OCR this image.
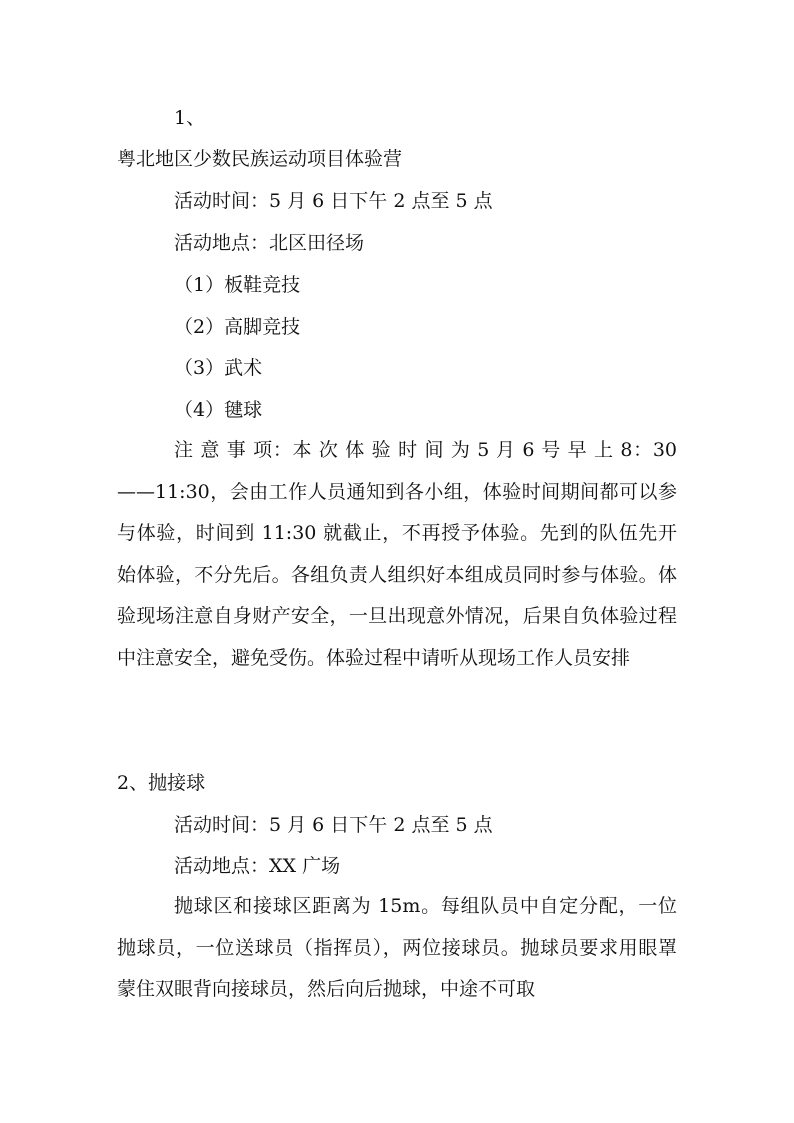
1、
粤北地区少数民族运动项目体验营
活动时间：5 月 6 日下午 2 点至 5 点
活动地点：北区田径场
（1）板鞋竞技
（2）高脚竞技
（3）武术
（4）毽球
注 意 事 项：本 次 体 验 时 间 为 5 月 6 号 早 上 8：30——11:30，会由工作人员通知到各小组，体验时间期间都可以参与体验，时间到 11:30 就截止，不再授予体验。先到的队伍先开始体验，不分先后。各组负责人组织好本组成员同时参与体验。体验现场注意自身财产安全，一旦出现意外情况，后果自负体验过程中注意安全，避免受伤。体验过程中请听从现场工作人员安排
2、抛接球
活动时间：5 月 6 日下午 2 点至 5 点
活动地点：XX 广场
抛球区和接球区距离为 15m。每组队员中自定分配，一位抛球员，一位送球员（指挥员），两位接球员。抛球员要求用眼罩蒙住双眼背向接球员，然后向后抛球，中途不可取
